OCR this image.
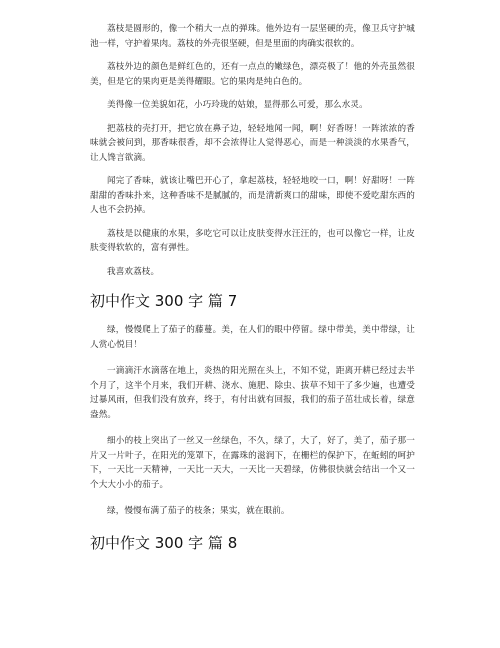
荔枝是圆形的，像一个稍大一点的弹珠。他外边有一层坚硬的壳，像卫兵守护城池一样，守护着果肉。荔枝的外壳很坚硬，但是里面的肉确实很软的。

荔枝外边的颜色是鲜红色的，还有一点点的嫩绿色，漂亮极了！他的外壳虽然很美，但是它的果肉更是美得耀眼。它的果肉是纯白色的。

美得像一位美貌如花，小巧玲珑的姑娘，显得那么可爱，那么水灵。

把荔枝的壳打开，把它放在鼻子边，轻轻地闻一闻，啊！好香呀！一阵浓浓的香味就会被问到，那香味很香，却不会浓得让人觉得恶心，而是一种淡淡的水果香气，让人馋言欲滴。

闻完了香味，就该让嘴巴开心了，拿起荔枝，轻轻地咬一口，啊！好甜呀！一阵甜甜的香味扑来，这种香味不是腻腻的，而是清新爽口的甜味，即使不爱吃甜东西的人也不会扔掉。

荔枝是以健康的水果，多吃它可以让皮肤变得水汪汪的，也可以像它一样，让皮肤变得软软的，富有弹性。

我喜欢荔枝。

初中作文 300 字 篇 7

绿，慢慢爬上了茄子的藤蔓。美，在人们的眼中停留。绿中带美，美中带绿，让人赏心悦目！

一滴滴汗水滴落在地上，炎热的阳光照在头上，不知不觉，距离开耕已经过去半个月了，这半个月来，我们开耕、浇水、施肥、除虫、拔草不知干了多少遍，也遭受过暴风雨，但我们没有放弃，终于，有付出就有回报，我们的茄子茁壮成长着，绿意盎然。

细小的枝上突出了一丝又一丝绿色，不久，绿了，大了，好了，美了，茄子那一片又一片叶子，在阳光的笼罩下，在露珠的滋润下，在栅栏的保护下，在蚯蚓的呵护下，一天比一天精神，一天比一天大，一天比一天碧绿，仿佛很快就会结出一个又一个大大小小的茄子。

绿，慢慢布满了茄子的枝条；果实，就在眼前。

初中作文 300 字 篇 8
